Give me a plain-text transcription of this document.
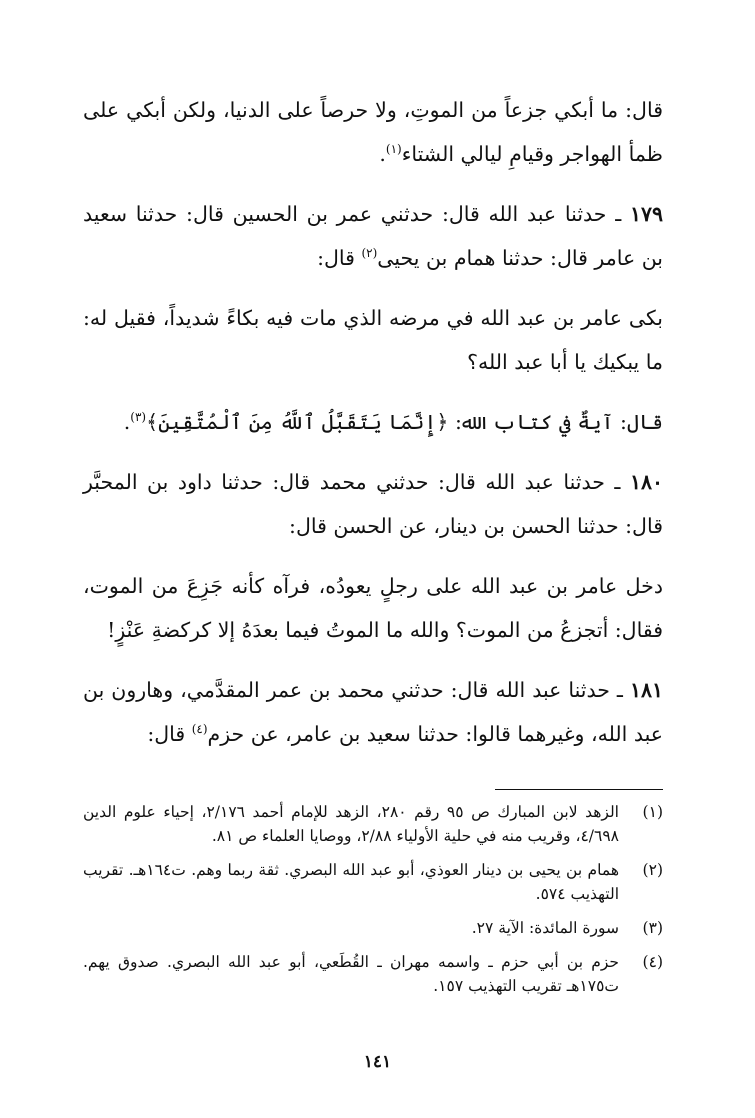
قال: ما أبكي جزعاً من الموتِ، ولا حرصاً على الدنيا، ولكن أبكي على ظمأ الهواجر وقيامِ ليالي الشتاء$^{(١)}$.

١٧٩ ـ حدثنا عبد الله قال: حدثني عمر بن الحسين قال: حدثنا سعيد بن عامر قال: حدثنا همام بن يحيى$^{(٢)}$ قال:

بكى عامر بن عبد الله في مرضه الذي مات فيه بكاءً شديداً، فقيل له: ما يبكيك يا أبا عبد الله؟

قال: آيةٌ في كتاب الله: ﴿إِنَّمَا يَتَقَبَّلُ ٱللَّهُ مِنَ ٱلْمُتَّقِينَ﴾$^{(٣)}$.

١٨٠ ـ حدثنا عبد الله قال: حدثني محمد قال: حدثنا داود بن المحبَّر قال: حدثنا الحسن بن دينار، عن الحسن قال:

دخل عامر بن عبد الله على رجلٍ يعودُه، فرآه كأنه جَزِعَ من الموت، فقال: أتجزعُ من الموت؟ والله ما الموتُ فيما بعدَهُ إلا كركضةِ عَنْزٍ!

١٨١ ـ حدثنا عبد الله قال: حدثني محمد بن عمر المقدَّمي، وهارون بن عبد الله، وغيرهما قالوا: حدثنا سعيد بن عامر، عن حزم$^{(٤)}$ قال:

(١)
الزهد لابن المبارك ص ٩٥ رقم ٢٨٠، الزهد للإمام أحمد ٢/١٧٦، إحياء علوم الدين ٤/٦٩٨، وقريب منه في حلية الأولياء ٢/٨٨، ووصايا العلماء ص ٨١.
(٢)
همام بن يحيى بن دينار العوذي، أبو عبد الله البصري. ثقة ربما وهم. ت١٦٤هـ. تقريب التهذيب ٥٧٤.
(٣)
سورة المائدة: الآية ٢٧.
(٤)
حزم بن أبي حزم ـ واسمه مهران ـ القُطَعي، أبو عبد الله البصري. صدوق يهم. ت١٧٥هـ تقريب التهذيب ١٥٧.
١٤١
